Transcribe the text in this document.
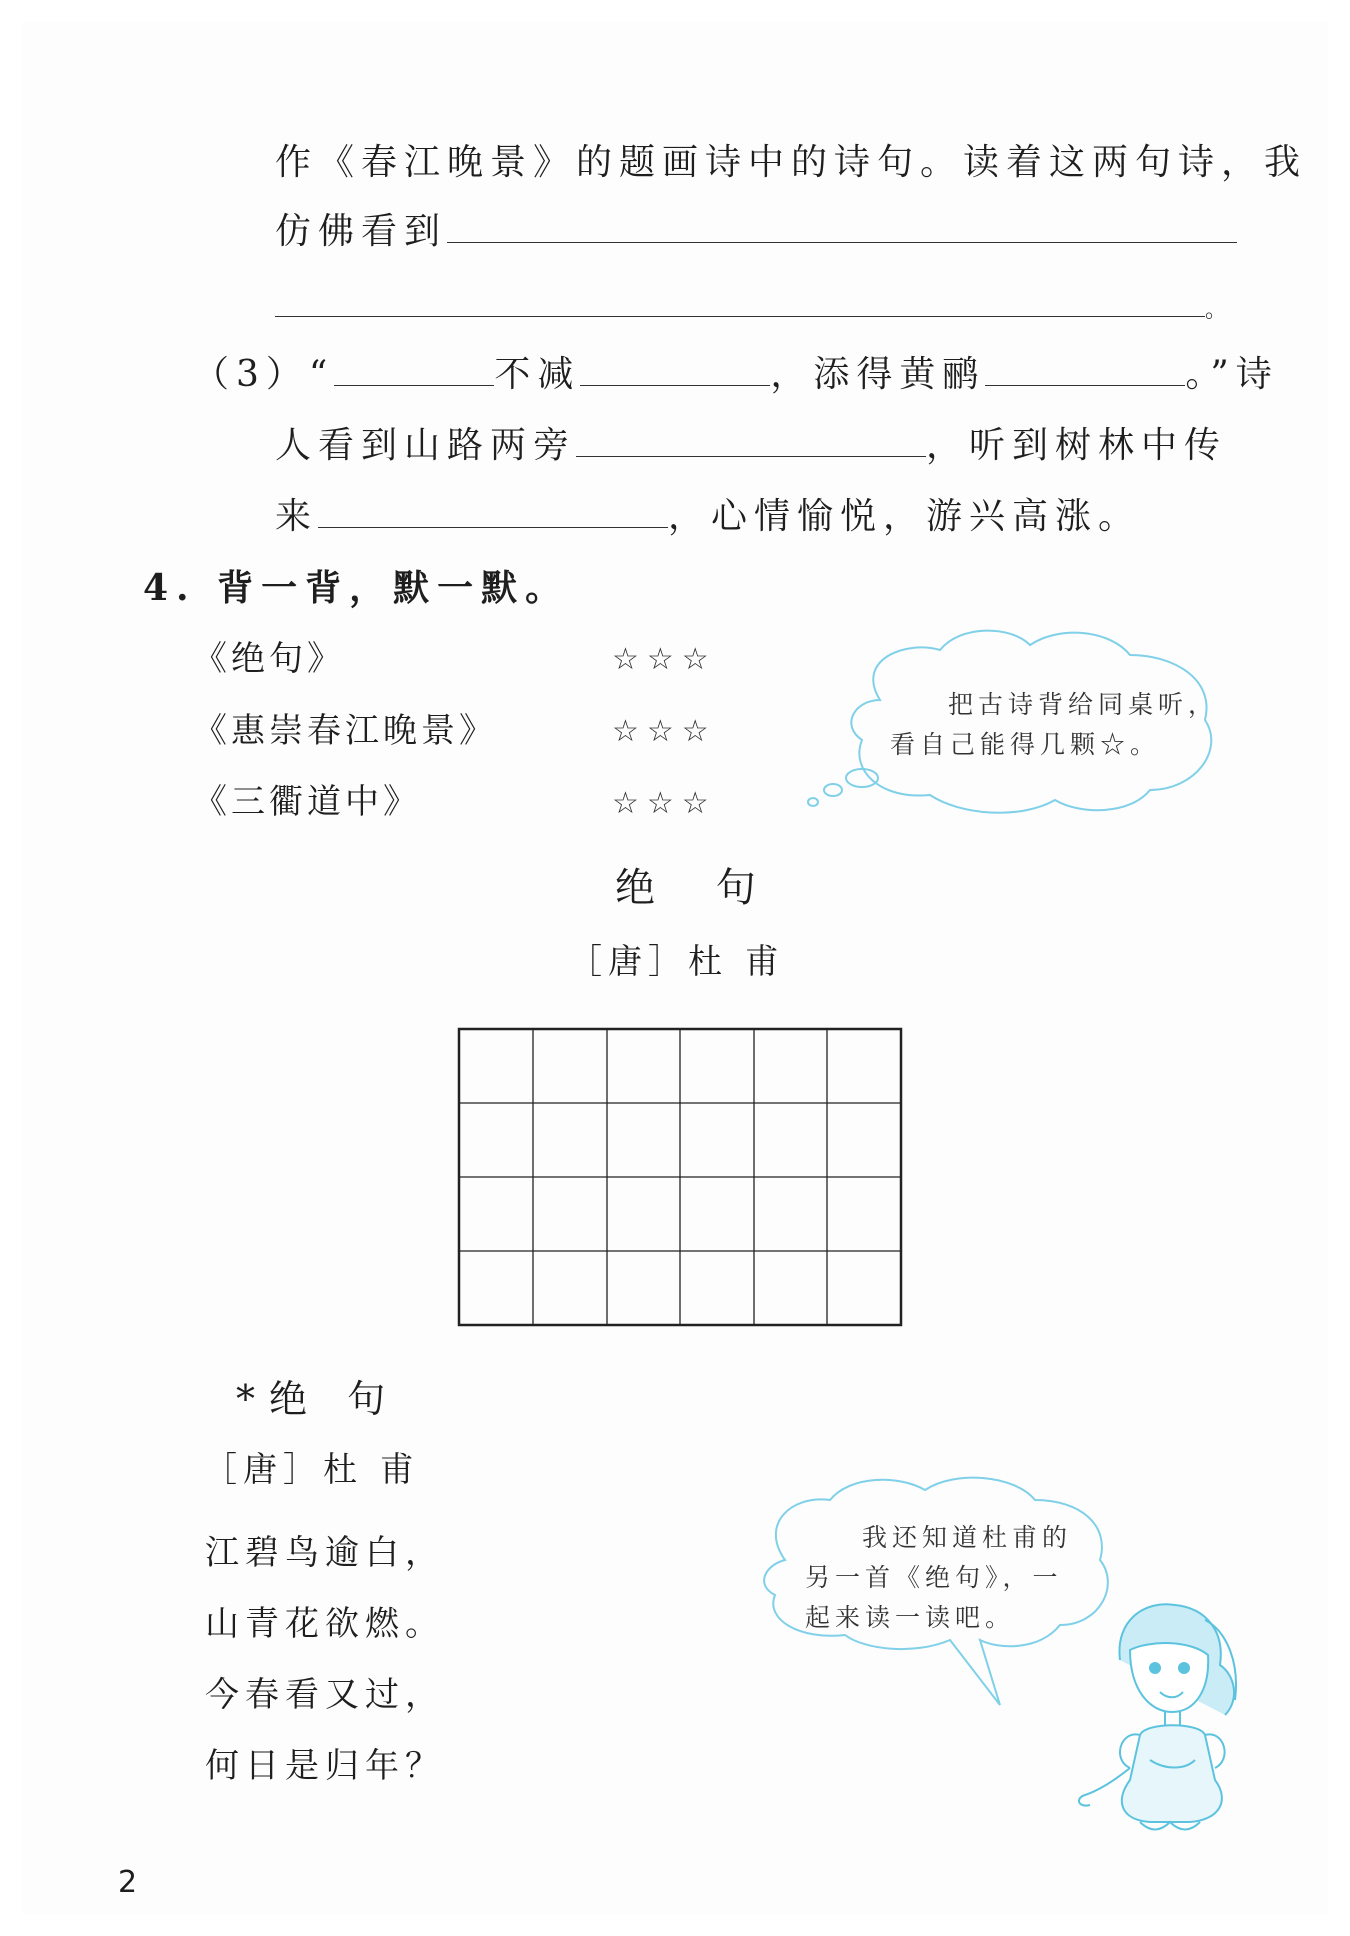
作《春江晚景》的题画诗中的诗句。读着这两句诗，我
仿佛看到
。
（3）“	不减	，添得黄鹂	。”诗
人看到山路两旁	，听到树林中传
来	，心情愉悦，游兴高涨。
4. 背一背，默一默。
《绝句》	☆☆☆
《惠崇春江晚景》	☆☆☆
《三衢道中》	☆☆☆
把古诗背给同桌听，
看自己能得几颗☆。
绝 句
［唐］杜 甫
*绝 句
［唐］杜 甫
江碧鸟逾白，
山青花欲燃。
今春看又过，
何日是归年？
我还知道杜甫的
另一首《绝句》，一
起来读一读吧。
2
